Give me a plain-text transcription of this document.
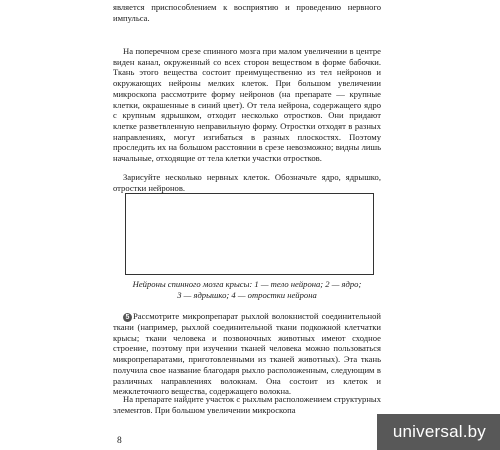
является приспособлением к восприятию и проведению нервного импульса.

На поперечном срезе спинного мозга при малом увеличении в центре виден канал, окруженный со всех сторон веществом в форме бабочки. Ткань этого вещества состоит преимущественно из тел нейронов и окружающих нейроны мелких клеток. При большом увеличении микроскопа рассмотрите форму нейронов (на препарате — крупные клетки, окрашенные в синий цвет). От тела нейрона, содержащего ядро с крупным ядрышком, отходит несколько отростков. Они придают клетке разветвленную неправильную форму. Отростки отходят в разных направлениях, могут изгибаться в разных плоскостях. Поэтому проследить их на большом расстоянии в срезе невозможно; видны лишь начальные, отходящие от тела клетки участки отростков.

Зарисуйте несколько нервных клеток. Обозначьте ядро, ядрышко, отростки нейронов.

Нейроны спинного мозга крысы: 1 — тело нейрона; 2 — ядро;
3 — ядрышко; 4 — отростки нейрона

5 Рассмотрите микропрепарат рыхлой волокнистой соединительной ткани (например, рыхлой соединительной ткани подкожной клетчатки крысы; ткани человека и позвоночных животных имеют сходное строение, поэтому при изучении тканей человека можно пользоваться микропрепаратами, приготовленными из тканей животных). Эта ткань получила свое название благодаря рыхло расположенным, следующим в различных направлениях волокнам. Она состоит из клеток и межклеточного вещества, содержащего волокна.

На препарате найдите участок с рыхлым расположением структурных элементов. При большом увеличении микроскопа

8	universal.by
